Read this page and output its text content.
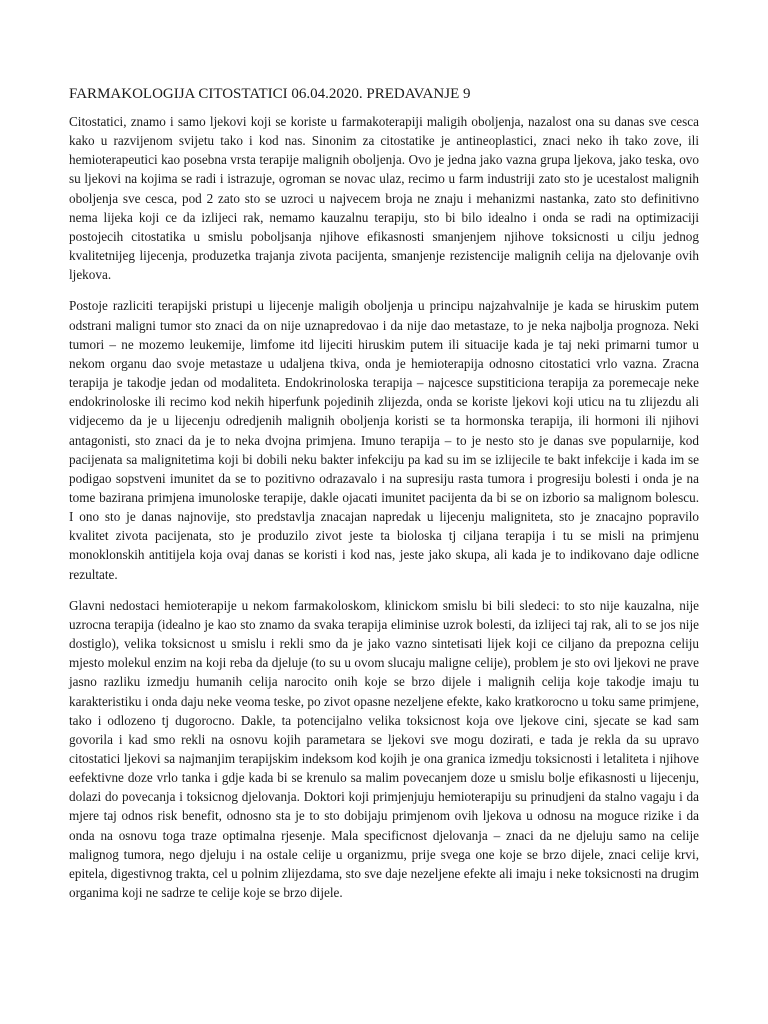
FARMAKOLOGIJA CITOSTATICI 06.04.2020. PREDAVANJE 9

Citostatici, znamo i samo ljekovi koji se koriste u farmakoterapiji maligih oboljenja, nazalost ona su danas sve cesca kako u razvijenom svijetu tako i kod nas. Sinonim za citostatike je antineoplastici, znaci neko ih tako zove, ili hemioterapeutici kao posebna vrsta terapije malignih oboljenja. Ovo je jedna jako vazna grupa ljekova, jako teska, ovo su ljekovi na kojima se radi i istrazuje, ogroman se novac ulaz, recimo u farm industriji zato sto je ucestalost malignih oboljenja sve cesca, pod 2 zato sto se uzroci u najvecem broja ne znaju i mehanizmi nastanka, zato sto definitivno nema lijeka koji ce da izlijeci rak, nemamo kauzalnu terapiju, sto bi bilo idealno i onda se radi na optimizaciji postojecih citostatika u smislu poboljsanja njihove efikasnosti smanjenjem njihove toksicnosti u cilju jednog kvalitetnijeg lijecenja, produzetka trajanja zivota pacijenta, smanjenje rezistencije malignih celija na djelovanje ovih ljekova.

Postoje razliciti terapijski pristupi u lijecenje maligih oboljenja u principu najzahvalnije je kada se hiruskim putem odstrani maligni tumor sto znaci da on nije uznapredovao i da nije dao metastaze, to je neka najbolja prognoza. Neki tumori – ne mozemo leukemije, limfome itd lijeciti hiruskim putem ili situacije kada je taj neki primarni tumor u nekom organu dao svoje metastaze u udaljena tkiva, onda je hemioterapija odnosno citostatici vrlo vazna. Zracna terapija je takodje jedan od modaliteta. Endokrinoloska terapija – najcesce supstiticiona terapija za poremecaje neke endokrinoloske ili recimo kod nekih hiperfunk pojedinih zlijezda, onda se koriste ljekovi koji uticu na tu zlijezdu ali vidjecemo da je u lijecenju odredjenih malignih oboljenja koristi se ta hormonska terapija, ili hormoni ili njihovi antagonisti, sto znaci da je to neka dvojna primjena. Imuno terapija – to je nesto sto je danas sve popularnije, kod pacijenata sa malignitetima koji bi dobili neku bakter infekciju pa kad su im se izlijecile te bakt infekcije i kada im se podigao sopstveni imunitet da se to pozitivno odrazavalo i na supresiju rasta tumora i progresiju bolesti i onda je na tome bazirana primjena imunoloske terapije, dakle ojacati imunitet pacijenta da bi se on izborio sa malignom bolescu. I ono sto je danas najnovije, sto predstavlja znacajan napredak u lijecenju maligniteta, sto je znacajno popravilo kvalitet zivota pacijenata, sto je produzilo zivot jeste ta bioloska tj ciljana terapija i tu se misli na primjenu monoklonskih antitijela koja ovaj danas se koristi i kod nas, jeste jako skupa, ali kada je to indikovano daje odlicne rezultate.

Glavni nedostaci hemioterapije u nekom farmakoloskom, klinickom smislu bi bili sledeci: to sto nije kauzalna, nije uzrocna terapija (idealno je kao sto znamo da svaka terapija eliminise uzrok bolesti, da izlijeci taj rak, ali to se jos nije dostiglo), velika toksicnost u smislu i rekli smo da je jako vazno sintetisati lijek koji ce ciljano da prepozna celiju mjesto molekul enzim na koji reba da djeluje (to su u ovom slucaju maligne celije), problem je sto ovi ljekovi ne prave jasno razliku izmedju humanih celija narocito onih koje se brzo dijele i malignih celija koje takodje imaju tu karakteristiku i onda daju neke veoma teske, po zivot opasne nezeljene efekte, kako kratkorocno u toku same primjene, tako i odlozeno tj dugorocno. Dakle, ta potencijalno velika toksicnost koja ove ljekove cini, sjecate se kad sam govorila i kad smo rekli na osnovu kojih parametara se ljekovi sve mogu dozirati, e tada je rekla da su upravo citostatici ljekovi sa najmanjim terapijskim indeksom kod kojih je ona granica izmedju toksicnosti i letaliteta i njihove eefektivne doze vrlo tanka i gdje kada bi se krenulo sa malim povecanjem doze u smislu bolje efikasnosti u lijecenju, dolazi do povecanja i toksicnog djelovanja. Doktori koji primjenjuju hemioterapiju su prinudjeni da stalno vagaju i da mjere taj odnos risk benefit, odnosno sta je to sto dobijaju primjenom ovih ljekova u odnosu na moguce rizike i da onda na osnovu toga traze optimalna rjesenje. Mala specificnost djelovanja – znaci da ne djeluju samo na celije malignog tumora, nego djeluju i na ostale celije u organizmu, prije svega one koje se brzo dijele, znaci celije krvi, epitela, digestivnog trakta, cel u polnim zlijezdama, sto sve daje nezeljene efekte ali imaju i neke toksicnosti na drugim organima koji ne sadrze te celije koje se brzo dijele.
